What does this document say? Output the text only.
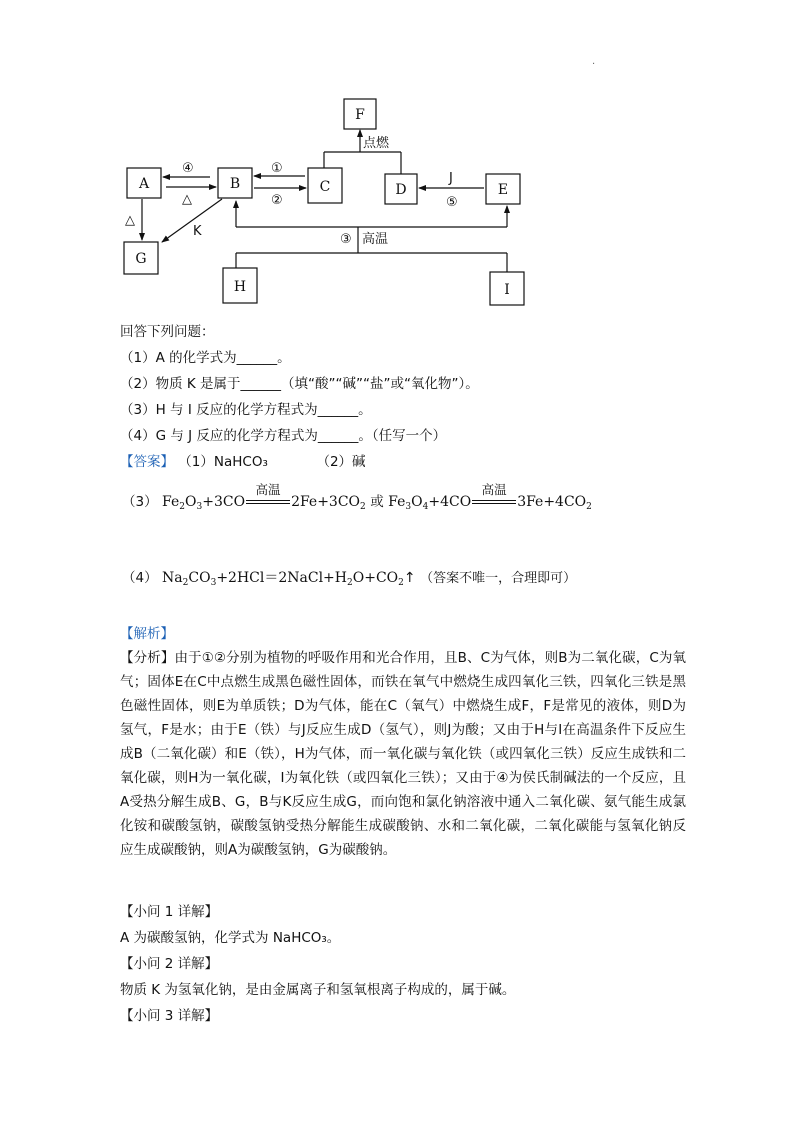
.
F
A	B	C	D	E
G
H	I
点燃
④
△
①
②
J
⑤
△
K
③ 高温
回答下列问题：
（1）A 的化学式为______。
（2）物质 K 是属于______（填“酸”“碱”“盐”或“氧化物”）。
（3）H 与 I 反应的化学方程式为______。
（4）G 与 J 反应的化学方程式为______。（任写一个）
【答案】 （1）NaHCO₃	（2）碱
（3） $Fe_2O_3+3CO$
高温
$2Fe+3CO_2$ 或 $Fe_3O_4+4CO$
高温
$3Fe+4CO_2$
（4） $Na_2CO_3+2HCl=2NaCl+H_2O+CO_2↑$ （答案不唯一，合理即可）
【解析】
【分析】由于①②分别为植物的呼吸作用和光合作用，且B、C为气体，则B为二氧化碳，C为氧气；固体E在C中点燃生成黑色磁性固体，而铁在氧气中燃烧生成四氧化三铁，四氧化三铁是黑色磁性固体，则E为单质铁；D为气体，能在C（氧气）中燃烧生成F，F是常见的液体，则D为氢气，F是水；由于E（铁）与J反应生成D（氢气），则J为酸；又由于H与I在高温条件下反应生成B（二氧化碳）和E（铁），H为气体，而一氧化碳与氧化铁（或四氧化三铁）反应生成铁和二氧化碳，则H为一氧化碳，I为氧化铁（或四氧化三铁）；又由于④为侯氏制碱法的一个反应，且A受热分解生成B、G，B与K反应生成G，而向饱和氯化钠溶液中通入二氧化碳、氨气能生成氯化铵和碳酸氢钠，碳酸氢钠受热分解能生成碳酸钠、水和二氧化碳，二氧化碳能与氢氧化钠反应生成碳酸钠，则A为碳酸氢钠，G为碳酸钠。
【小问 1 详解】
A 为碳酸氢钠，化学式为 NaHCO₃。
【小问 2 详解】
物质 K 为氢氧化钠，是由金属离子和氢氧根离子构成的，属于碱。
【小问 3 详解】
